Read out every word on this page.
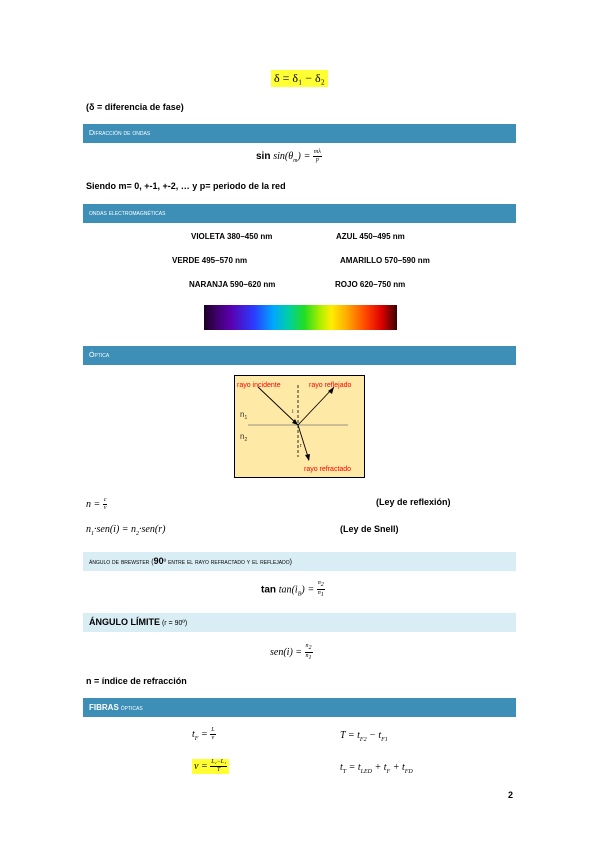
δ = δ₁ − δ₂
(δ = diferencia de fase)
Difracción de ondas
$\sin \sin(\theta_m) = \frac{m\lambda}{p}$
Siendo m= 0, +-1, +-2, … y p= periodo de la red
ondas electromagnéticas
VIOLETA 380–450 nm	AZUL 450–495 nm
VERDE 495–570 nm	AMARILLO 570–590 nm
NARANJA 590–620 nm	ROJO 620–750 nm
Óptica
rayo incidente	rayo reflejado
rayo refractado
$n_1$
$n_2$
i
r
$n = \frac{c}{v}$	(Ley de reflexión)
$n_1\cdot sen(i) = n_2\cdot sen(r)$	(Ley de Snell)
ángulo de brewster (90º entre el rayo refractado y el reflejado)
$\tan \tan(i_B) = \frac{n_2}{n_1}$
ÁNGULO LÍMITE (r = 90º)
$sen(i) = \frac{n_2}{n_1}$
n = índice de refracción
FIBRAS ópticas
$t_F = \frac{L}{v}$	$T = t_{F2} - t_{F1}$
$v = \frac{\text{L₂−L₁}}{T}$	$t_T = t_{LED} + t_F + t_{FD}$
2
